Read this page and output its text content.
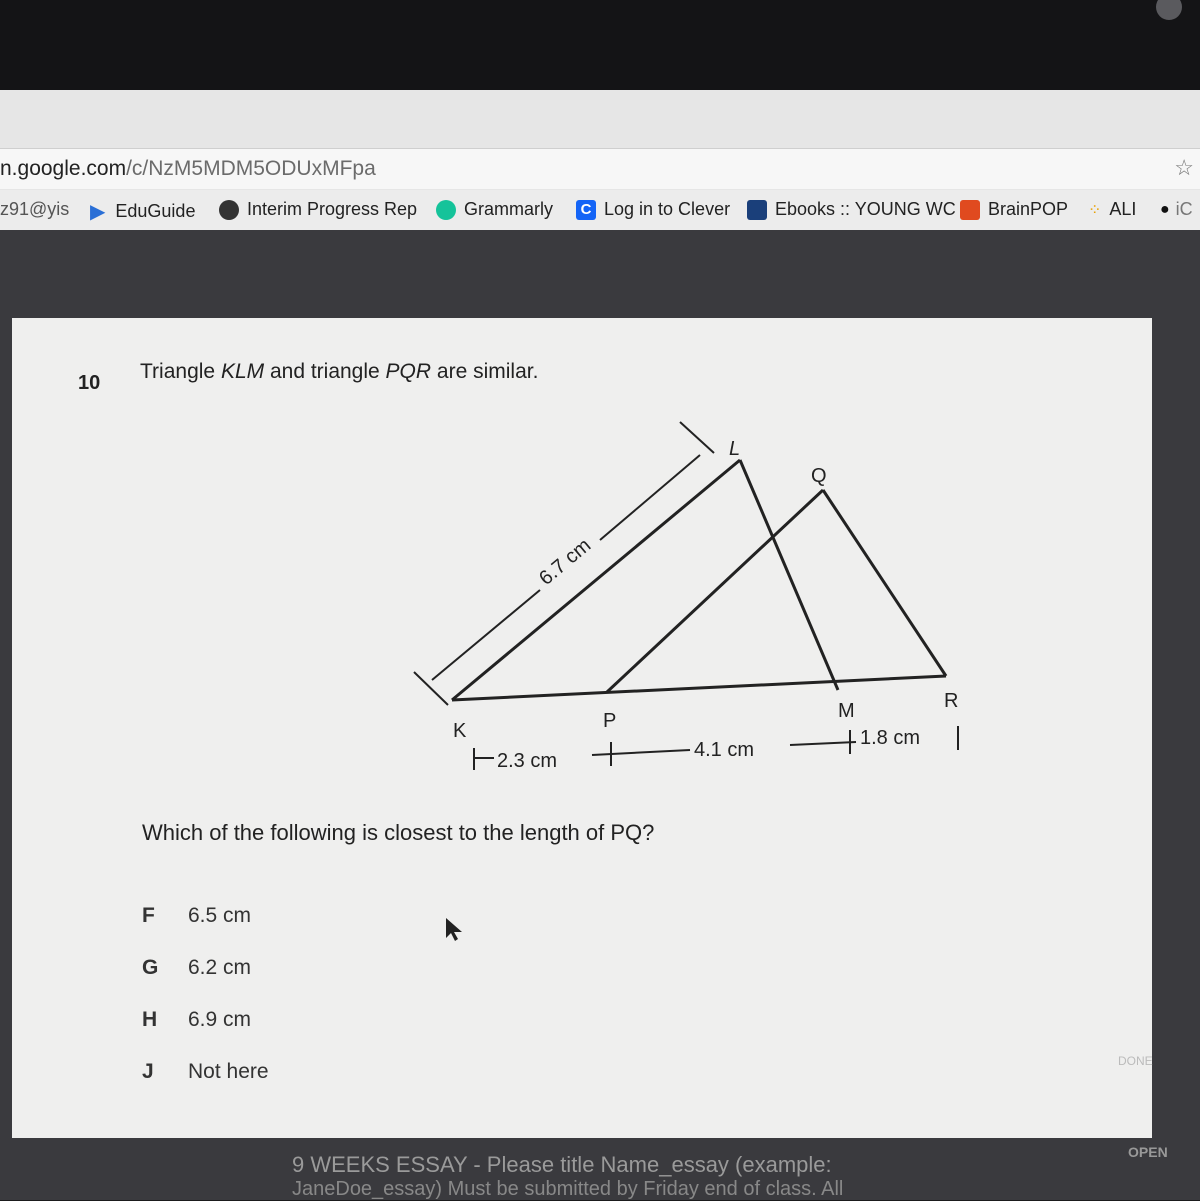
n.google.com/c/NzM5MDM5ODUxMFpa	☆
z91@yis ▶ EduGuide	Interim Progress Rep	Grammarly	C Log in to Clever Ebooks :: YOUNG WC BrainPOP ⁘ ALI ● iC
10 Triangle KLM and triangle PQR are similar.
K
L
M
P
Q
R
6.7 cm
2.3 cm	4.1 cm
1.8 cm
Which of the following is closest to the length of PQ?
F 6.5 cm
G 6.2 cm
H 6.9 cm
J Not here	DONE
OPEN
9 WEEKS ESSAY - Please title Name_essay (example:
JaneDoe_essay) Must be submitted by Friday end of class. All
